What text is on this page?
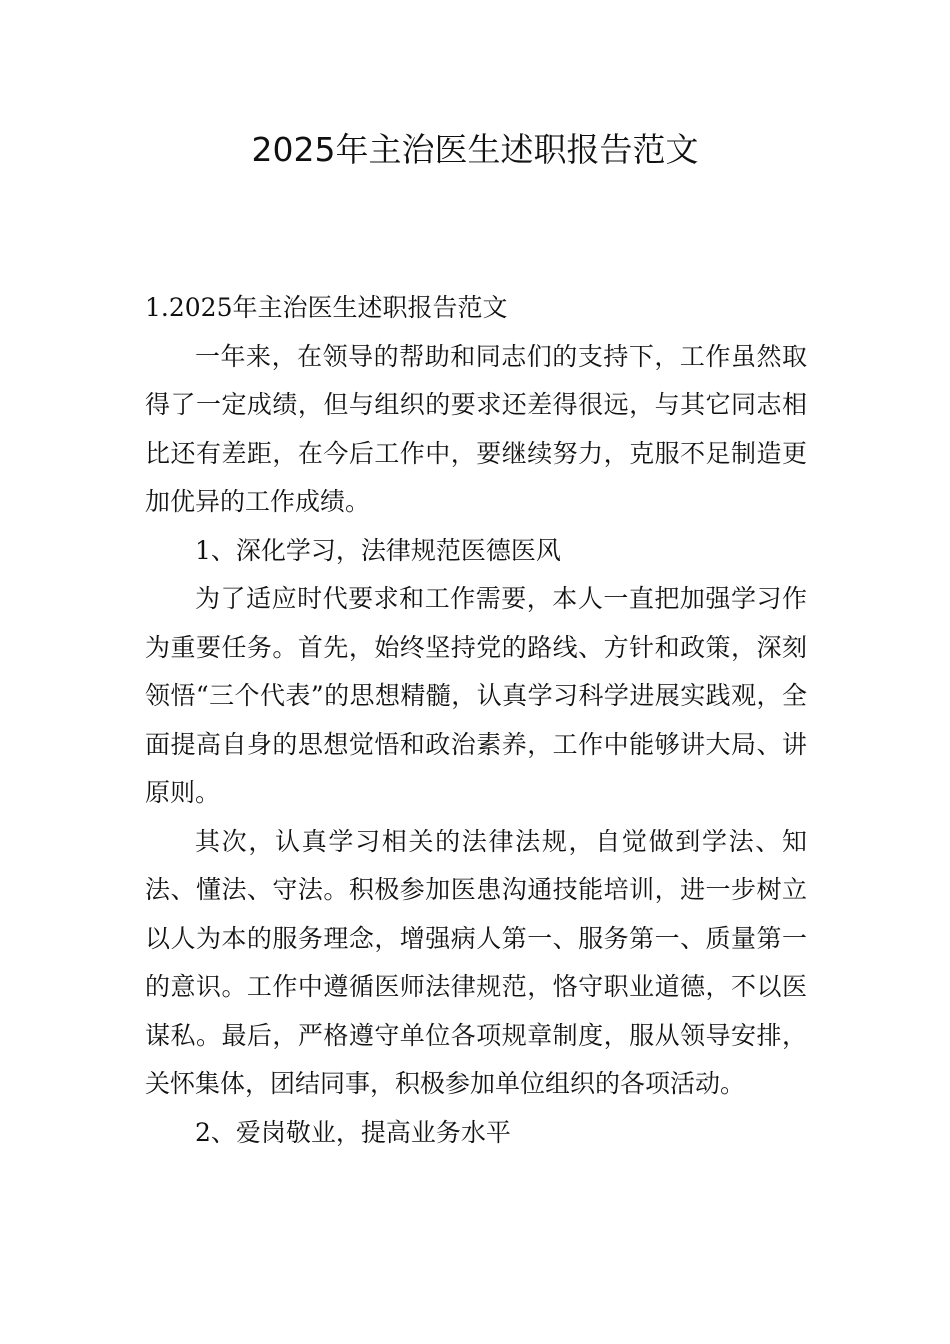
2025年主治医生述职报告范文

1.2025年主治医生述职报告范文

一年来，在领导的帮助和同志们的支持下，工作虽然取得了一定成绩，但与组织的要求还差得很远，与其它同志相比还有差距，在今后工作中，要继续努力，克服不足制造更加优异的工作成绩。

1、深化学习，法律规范医德医风

为了适应时代要求和工作需要，本人一直把加强学习作为重要任务。首先，始终坚持党的路线、方针和政策，深刻领悟“三个代表”的思想精髓，认真学习科学进展实践观，全面提高自身的思想觉悟和政治素养，工作中能够讲大局、讲原则。

其次，认真学习相关的法律法规，自觉做到学法、知法、懂法、守法。积极参加医患沟通技能培训，进一步树立以人为本的服务理念，增强病人第一、服务第一、质量第一的意识。工作中遵循医师法律规范，恪守职业道德，不以医谋私。最后，严格遵守单位各项规章制度，服从领导安排，关怀集体，团结同事，积极参加单位组织的各项活动。

2、爱岗敬业，提高业务水平
